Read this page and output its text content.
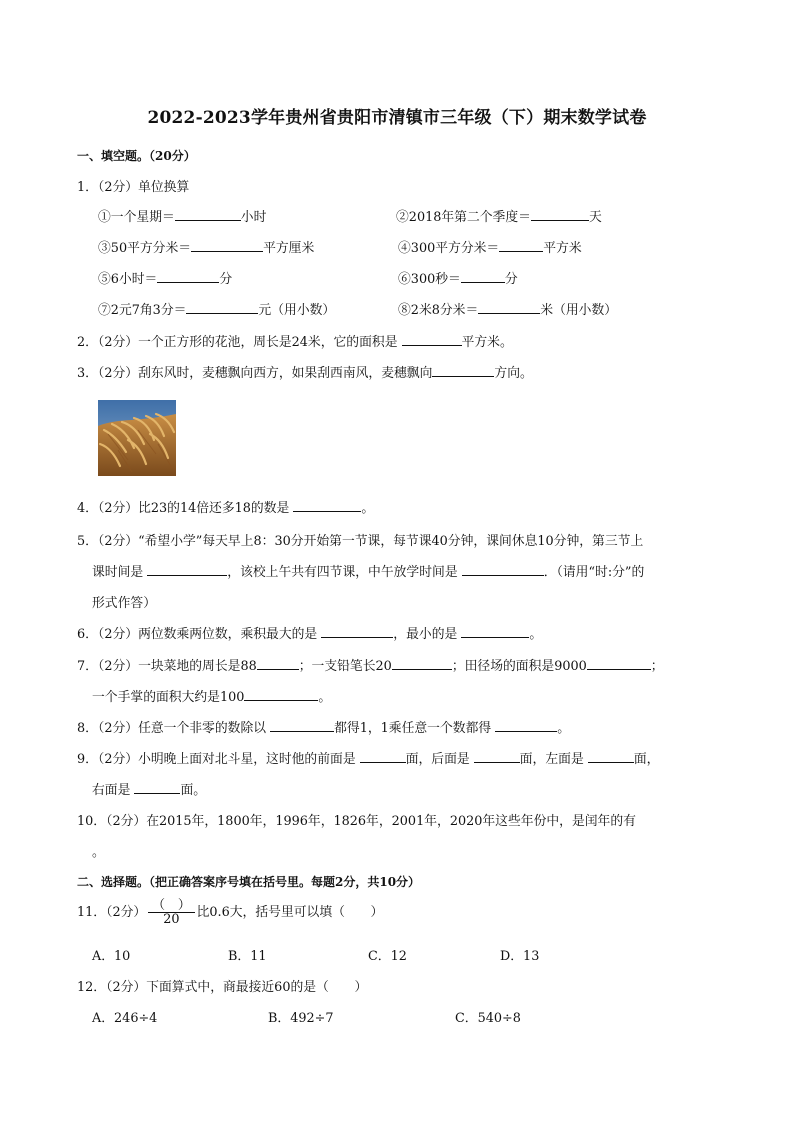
2022-2023学年贵州省贵阳市清镇市三年级（下）期末数学试卷
一、填空题。（20分）
1．（2分）单位换算
①一个星期＝	小时	②2018年第二个季度＝	天
③50平方分米＝	平方厘米	④300平方分米＝	平方米
⑤6小时＝	分	⑥300秒＝	分
⑦2元7角3分＝	元（用小数）	⑧2米8分米＝	米（用小数）
2．（2分）一个正方形的花池，周长是24米，它的面积是	平方米。
3．（2分）刮东风时，麦穗飘向西方，如果刮西南风，麦穗飘向	方向。
4．（2分）比23的14倍还多18的数是	。
5．（2分）“希望小学”每天早上8：30分开始第一节课，每节课40分钟，课间休息10分钟，第三节上
课时间是	，该校上午共有四节课，中午放学时间是	．（请用“时:分”的
形式作答）
6．（2分）两位数乘两位数，乘积最大的是	，最小的是	。
7．（2分）一块菜地的周长是88	；一支铅笔长20	；田径场的面积是9000	；
一个手掌的面积大约是100	。
8．（2分）任意一个非零的数除以	都得1，1乘任意一个数都得	。
9．（2分）小明晚上面对北斗星，这时他的前面是	面，后面是	面，左面是	面，
右面是	面。
10．（2分）在2015年，1800年，1996年，1826年，2001年，2020年这些年份中，是闰年的有
。
二、选择题。（把正确答案序号填在括号里。每题2分，共10分）
11．（2分） $\frac{( )}{20}$ 比0.6大，括号里可以填（　　）
A．10	B．11	C．12	D．13
12．（2分）下面算式中，商最接近60的是（　　）
A．246÷4	B．492÷7	C．540÷8
